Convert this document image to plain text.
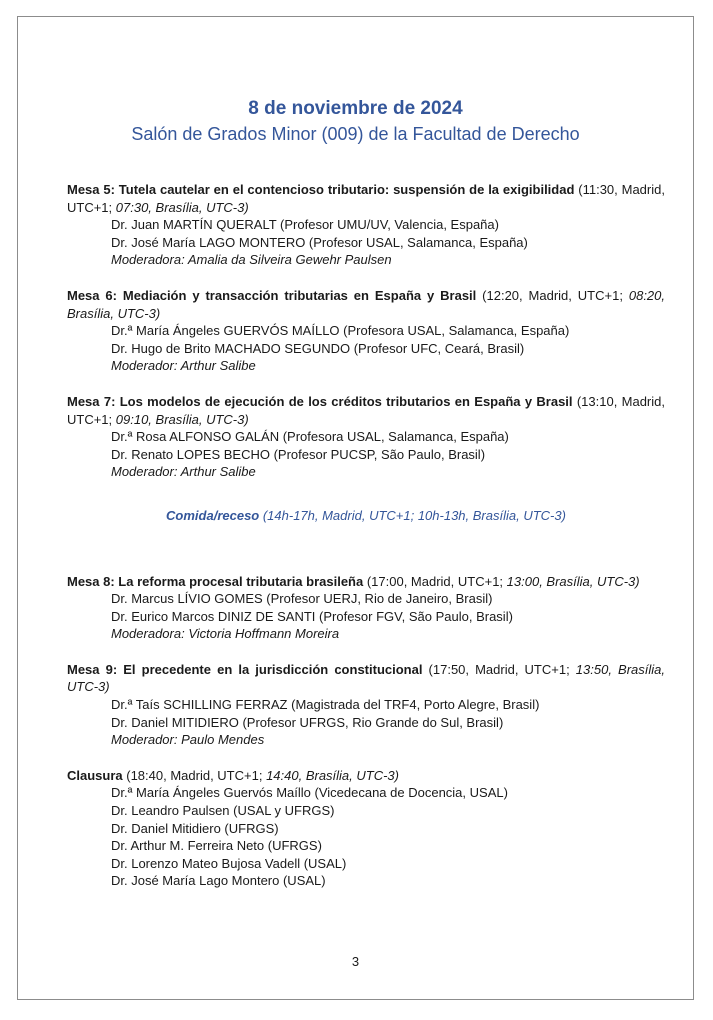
8 de noviembre de 2024
Salón de Grados Minor (009) de la Facultad de Derecho

Mesa 5: Tutela cautelar en el contencioso tributario: suspensión de la exigibilidad (11:30, Madrid, UTC+1; 07:30, Brasília, UTC-3)

Dr. Juan MARTÍN QUERALT (Profesor UMU/UV, Valencia, España)

Dr. José María LAGO MONTERO (Profesor USAL, Salamanca, España)

Moderadora: Amalia da Silveira Gewehr Paulsen

Mesa 6: Mediación y transacción tributarias en España y Brasil (12:20, Madrid, UTC+1; 08:20, Brasília, UTC-3)

Dr.ª María Ángeles GUERVÓS MAÍLLO (Profesora USAL, Salamanca, España)

Dr. Hugo de Brito MACHADO SEGUNDO (Profesor UFC, Ceará, Brasil)

Moderador: Arthur Salibe

Mesa 7: Los modelos de ejecución de los créditos tributarios en España y Brasil (13:10, Madrid, UTC+1; 09:10, Brasília, UTC-3)

Dr.ª Rosa ALFONSO GALÁN (Profesora USAL, Salamanca, España)

Dr. Renato LOPES BECHO (Profesor PUCSP, São Paulo, Brasil)

Moderador: Arthur Salibe

Comida/receso (14h-17h, Madrid, UTC+1; 10h-13h, Brasília, UTC-3)

Mesa 8: La reforma procesal tributaria brasileña (17:00, Madrid, UTC+1; 13:00, Brasília, UTC-3)

Dr. Marcus LÍVIO GOMES (Profesor UERJ, Rio de Janeiro, Brasil)

Dr. Eurico Marcos DINIZ DE SANTI (Profesor FGV, São Paulo, Brasil)

Moderadora: Victoria Hoffmann Moreira

Mesa 9: El precedente en la jurisdicción constitucional (17:50, Madrid, UTC+1; 13:50, Brasília, UTC-3)

Dr.ª Taís SCHILLING FERRAZ (Magistrada del TRF4, Porto Alegre, Brasil)

Dr. Daniel MITIDIERO (Profesor UFRGS, Rio Grande do Sul, Brasil)

Moderador: Paulo Mendes

Clausura (18:40, Madrid, UTC+1; 14:40, Brasília, UTC-3)

Dr.ª María Ángeles Guervós Maíllo (Vicedecana de Docencia, USAL)

Dr. Leandro Paulsen (USAL y UFRGS)

Dr. Daniel Mitidiero (UFRGS)

Dr. Arthur M. Ferreira Neto (UFRGS)

Dr. Lorenzo Mateo Bujosa Vadell (USAL)

Dr. José María Lago Montero (USAL)

3
